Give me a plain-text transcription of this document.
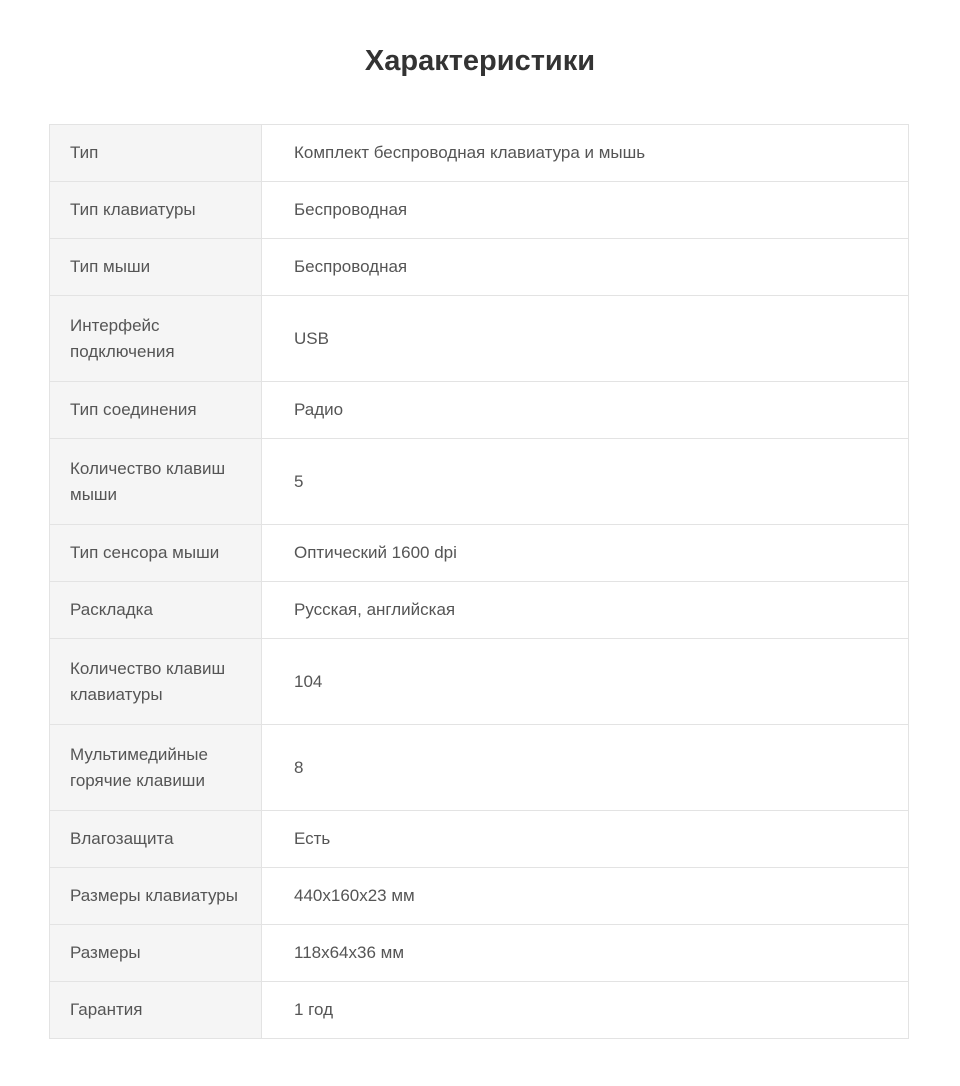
Характеристики
Тип	Комплект беспроводная клавиатура и мышь
Тип клавиатуры	Беспроводная
Тип мыши	Беспроводная
Интерфейс подключения	USB
Тип соединения	Радио
Количество клавиш мыши	5
Тип сенсора мыши	Оптический 1600 dpi
Раскладка	Русская, английская
Количество клавиш клавиатуры	104
Мультимедийные горячие клавиши	8
Влагозащита	Есть
Размеры клавиатуры	440x160x23 мм
Размеры	118x64x36 мм
Гарантия	1 год
